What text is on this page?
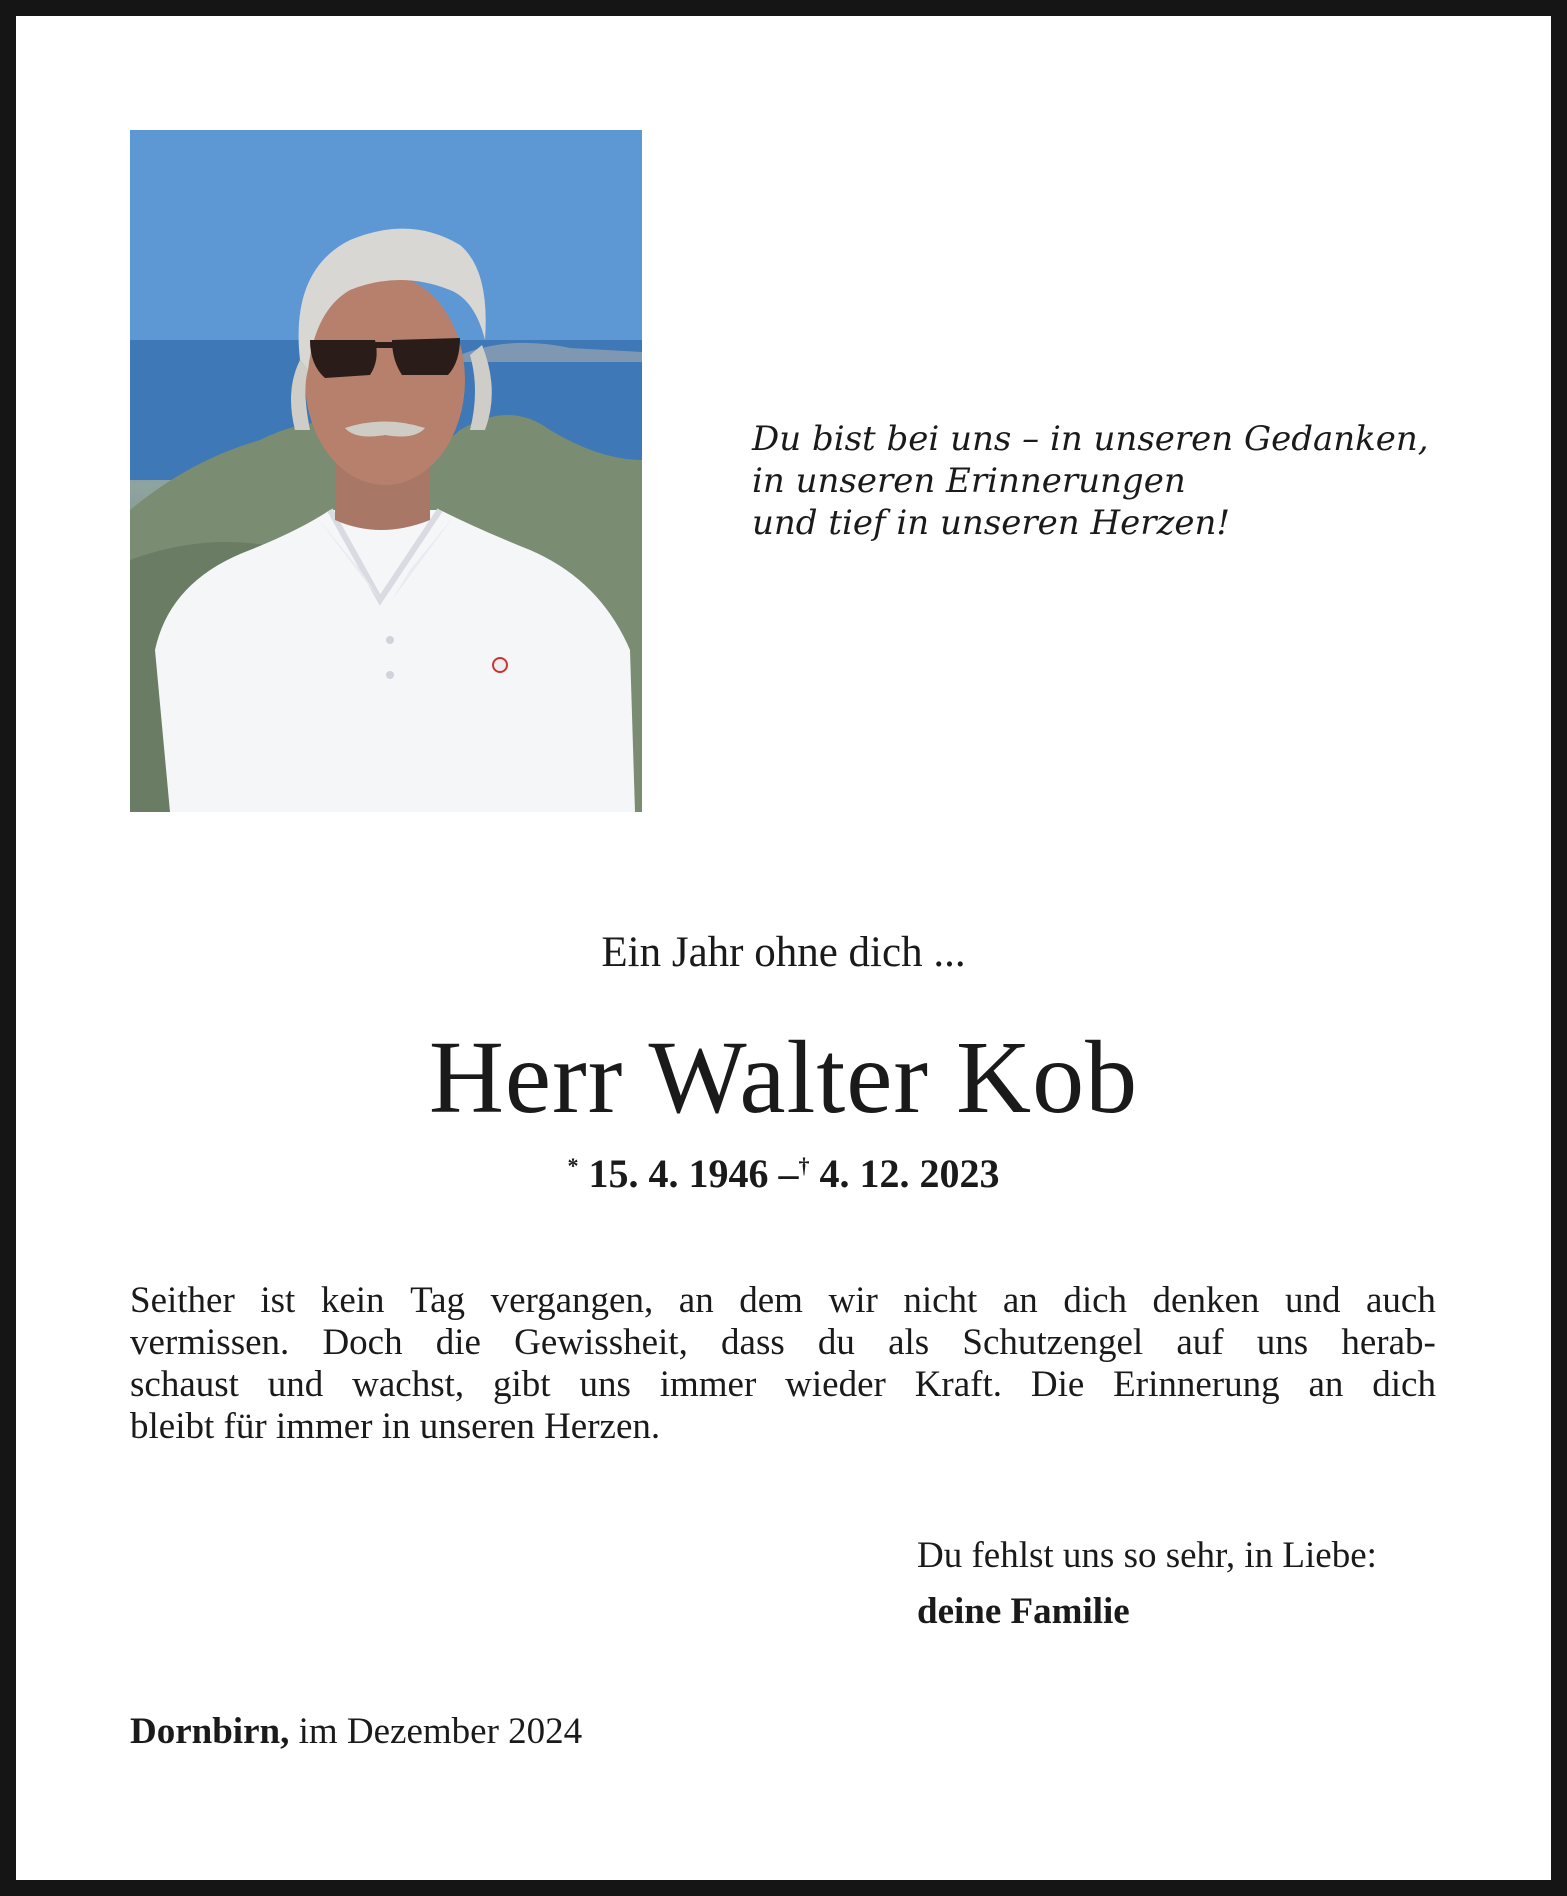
Du bist bei uns – in unseren Gedanken,
in unseren Erinnerungen
und tief in unseren Herzen!
Ein Jahr ohne dich ...
Herr Walter Kob
* 15. 4. 1946 –† 4. 12. 2023
Seither ist kein Tag vergangen, an dem wir nicht an dich denken und auch
vermissen. Doch die Gewissheit, dass du als Schutzengel auf uns herab-
schaust und wachst, gibt uns immer wieder Kraft. Die Erinnerung an dich
bleibt für immer in unseren Herzen.
Du fehlst uns so sehr, in Liebe:
deine Familie
Dornbirn, im Dezember 2024
